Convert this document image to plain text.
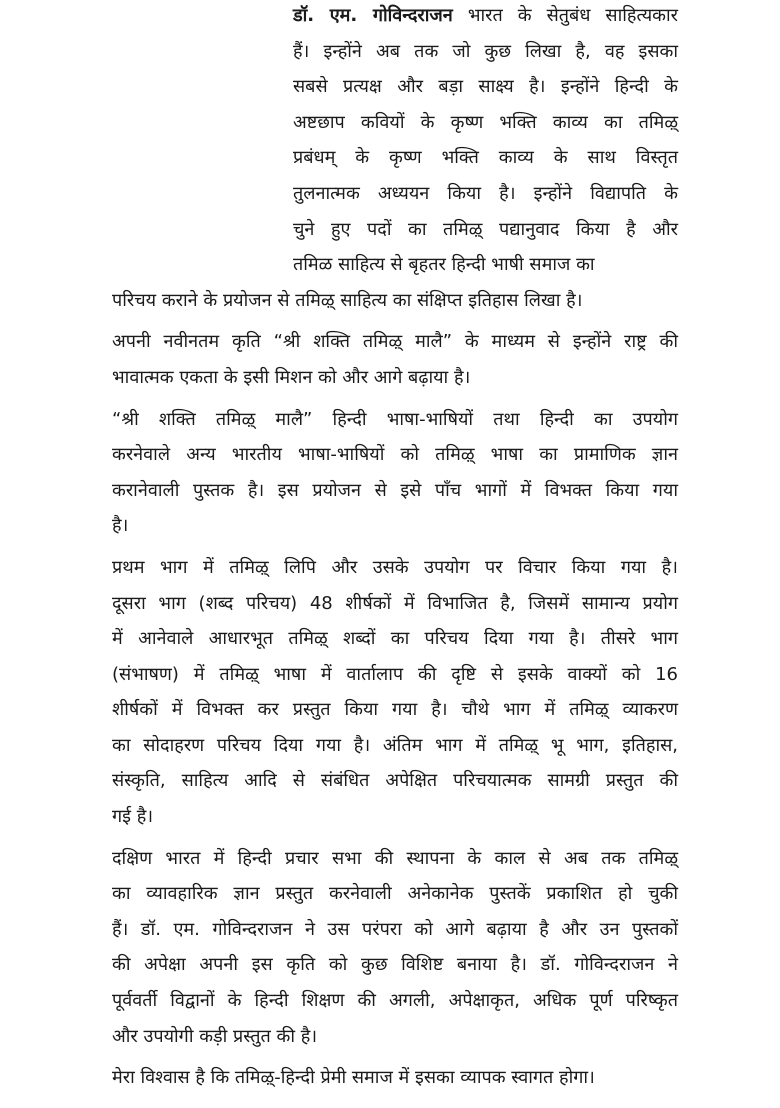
डॉ. एम. गोविन्दराजन भारत के सेतुबंध साहित्यकार
हैं। इन्होंने अब तक जो कुछ लिखा है, वह इसका
सबसे प्रत्यक्ष और बड़ा साक्ष्य है। इन्होंने हिन्दी के
अष्टछाप कवियों के कृष्ण भक्ति काव्य का तमिऴ्
प्रबंधम् के कृष्ण भक्ति काव्य के साथ विस्तृत
तुलनात्मक अध्ययन किया है। इन्होंने विद्यापति के
चुने हुए पदों का तमिऴ् पद्यानुवाद किया है और
तमिळ साहित्य से बृहतर हिन्दी भाषी समाज का
परिचय कराने के प्रयोजन से तमिऴ् साहित्य का संक्षिप्त इतिहास लिखा है।
अपनी नवीनतम कृति “श्री शक्ति तमिऴ् मालै” के माध्यम से इन्होंने राष्ट्र की
भावात्मक एकता के इसी मिशन को और आगे बढ़ाया है।
“श्री शक्ति तमिऴ् मालै” हिन्दी भाषा-भाषियों तथा हिन्दी का उपयोग
करनेवाले अन्य भारतीय भाषा-भाषियों को तमिऴ् भाषा का प्रामाणिक ज्ञान
करानेवाली पुस्तक है। इस प्रयोजन से इसे पाँच भागों में विभक्त किया गया
है।
प्रथम भाग में तमिऴ् लिपि और उसके उपयोग पर विचार किया गया है।
दूसरा भाग (शब्द परिचय) 48 शीर्षकों में विभाजित है, जिसमें सामान्य प्रयोग
में आनेवाले आधारभूत तमिऴ् शब्दों का परिचय दिया गया है। तीसरे भाग
(संभाषण) में तमिऴ् भाषा में वार्तालाप की दृष्टि से इसके वाक्यों को 16
शीर्षकों में विभक्त कर प्रस्तुत किया गया है। चौथे भाग में तमिऴ् व्याकरण
का सोदाहरण परिचय दिया गया है। अंतिम भाग में तमिऴ् भू भाग, इतिहास,
संस्कृति, साहित्य आदि से संबंधित अपेक्षित परिचयात्मक सामग्री प्रस्तुत की
गई है।
दक्षिण भारत में हिन्दी प्रचार सभा की स्थापना के काल से अब तक तमिऴ्
का व्यावहारिक ज्ञान प्रस्तुत करनेवाली अनेकानेक पुस्तकें प्रकाशित हो चुकी
हैं। डॉ. एम. गोविन्दराजन ने उस परंपरा को आगे बढ़ाया है और उन पुस्तकों
की अपेक्षा अपनी इस कृति को कुछ विशिष्ट बनाया है। डॉ. गोविन्दराजन ने
पूर्ववर्ती विद्वानों के हिन्दी शिक्षण की अगली, अपेक्षाकृत, अधिक पूर्ण परिष्कृत
और उपयोगी कड़ी प्रस्तुत की है।
मेरा विश्वास है कि तमिऴ्-हिन्दी प्रेमी समाज में इसका व्यापक स्वागत होगा।
